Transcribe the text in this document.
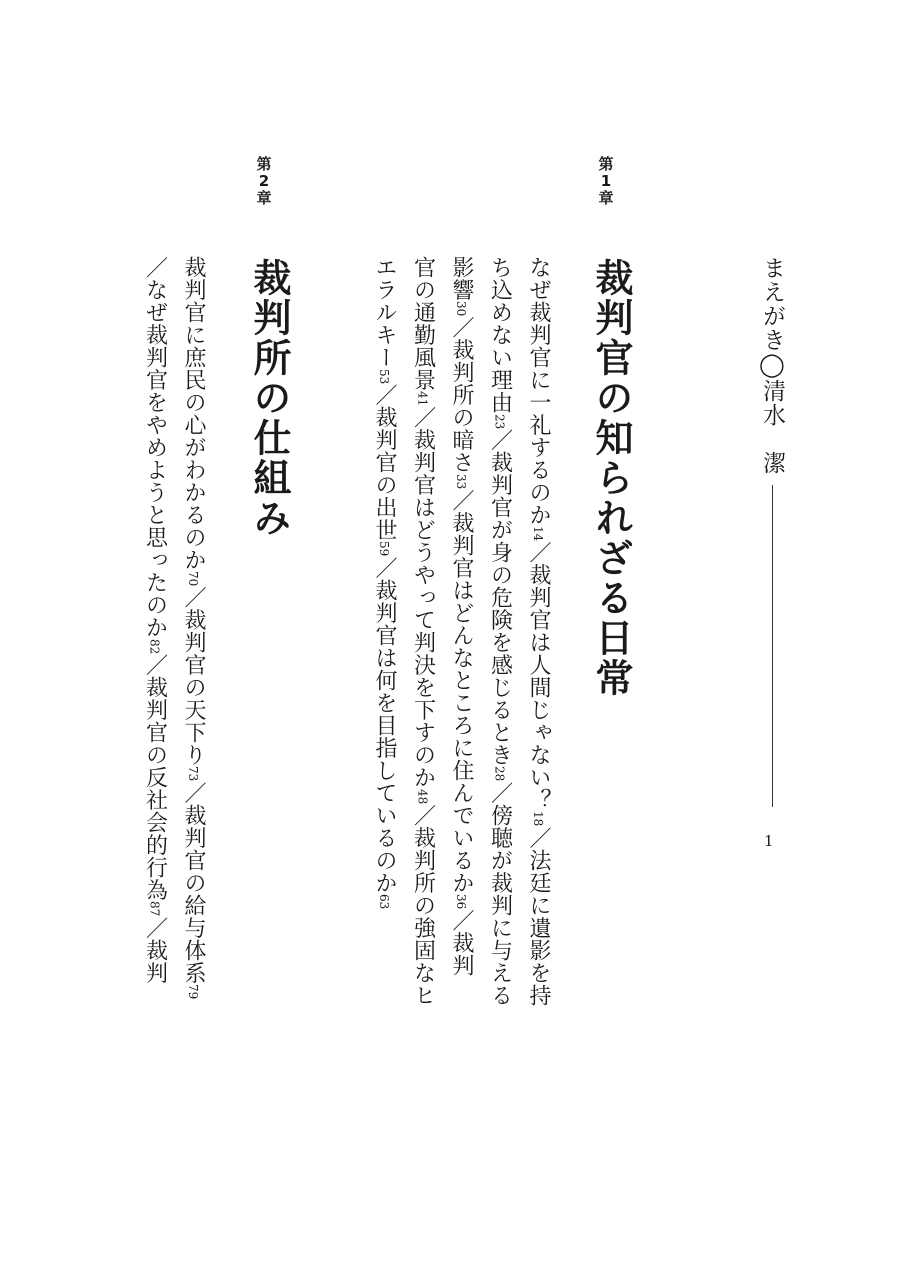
まえがき◯清水　潔
1
第
1
章
裁判官の知られざる日常
なぜ裁判官に一礼するのか14／裁判官は人間じゃない？18／法廷に遺影を持
ち込めない理由23／裁判官が身の危険を感じるとき28／傍聴が裁判に与える
影響30／裁判所の暗さ33／裁判官はどんなところに住んでいるか36／裁判
官の通勤風景41／裁判官はどうやって判決を下すのか48／裁判所の強固なヒ
エラルキー53／裁判官の出世59／裁判官は何を目指しているのか63
第
2
章
裁判所の仕組み
裁判官に庶民の心がわかるのか70／裁判官の天下り73／裁判官の給与体系79
／なぜ裁判官をやめようと思ったのか82／裁判官の反社会的行為87／裁判
